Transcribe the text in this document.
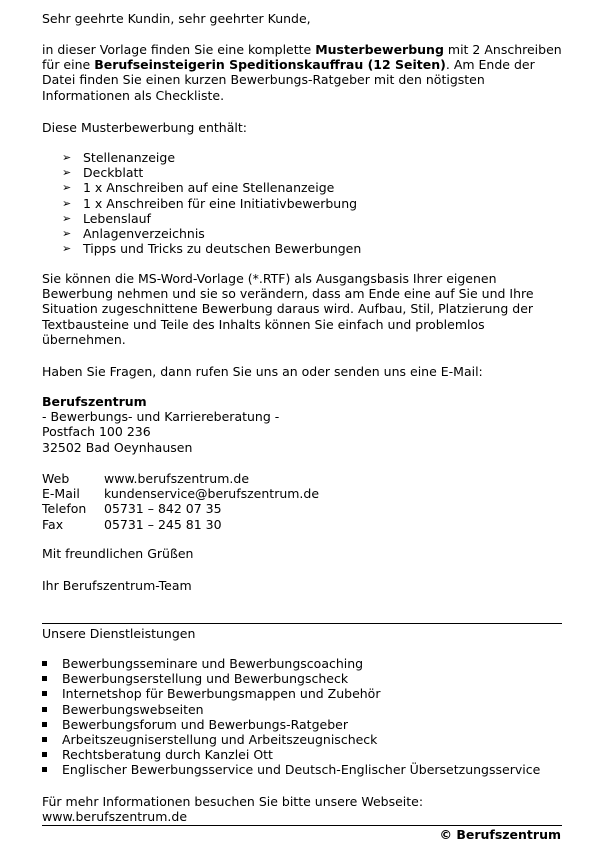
Sehr geehrte Kundin, sehr geehrter Kunde,

in dieser Vorlage finden Sie eine komplette Musterbewerbung mit 2 Anschreiben für eine Berufseinsteigerin Speditionskauffrau (12 Seiten). Am Ende der Datei finden Sie einen kurzen Bewerbungs-Ratgeber mit den nötigsten Informationen als Checkliste.

Diese Musterbewerbung enthält:

➢ Stellenanzeige
➢ Deckblatt
➢ 1 x Anschreiben auf eine Stellenanzeige
➢ 1 x Anschreiben für eine Initiativbewerbung
➢ Lebenslauf
➢ Anlagenverzeichnis
➢ Tipps und Tricks zu deutschen Bewerbungen

Sie können die MS-Word-Vorlage (*.RTF) als Ausgangsbasis Ihrer eigenen Bewerbung nehmen und sie so verändern, dass am Ende eine auf Sie und Ihre Situation zugeschnittene Bewerbung daraus wird. Aufbau, Stil, Platzierung der Textbausteine und Teile des Inhalts können Sie einfach und problemlos übernehmen.

Haben Sie Fragen, dann rufen Sie uns an oder senden uns eine E-Mail:

Berufszentrum

- Bewerbungs- und Karriereberatung -

Postfach 100 236

32502 Bad Oeynhausen

Web	www.berufszentrum.de
E-Mail	kundenservice@berufszentrum.de
Telefon	05731 – 842 07 35
Fax	05731 – 245 81 30

Mit freundlichen Grüßen

Ihr Berufszentrum-Team

Unsere Dienstleistungen

Bewerbungsseminare und Bewerbungscoaching
Bewerbungserstellung und Bewerbungscheck
Internetshop für Bewerbungsmappen und Zubehör
Bewerbungswebseiten
Bewerbungsforum und Bewerbungs-Ratgeber
Arbeitszeugniserstellung und Arbeitszeugnischeck
Rechtsberatung durch Kanzlei Ott
Englischer Bewerbungsservice und Deutsch-Englischer Übersetzungsservice

Für mehr Informationen besuchen Sie bitte unsere Webseite:

www.berufszentrum.de

© Berufszentrum
